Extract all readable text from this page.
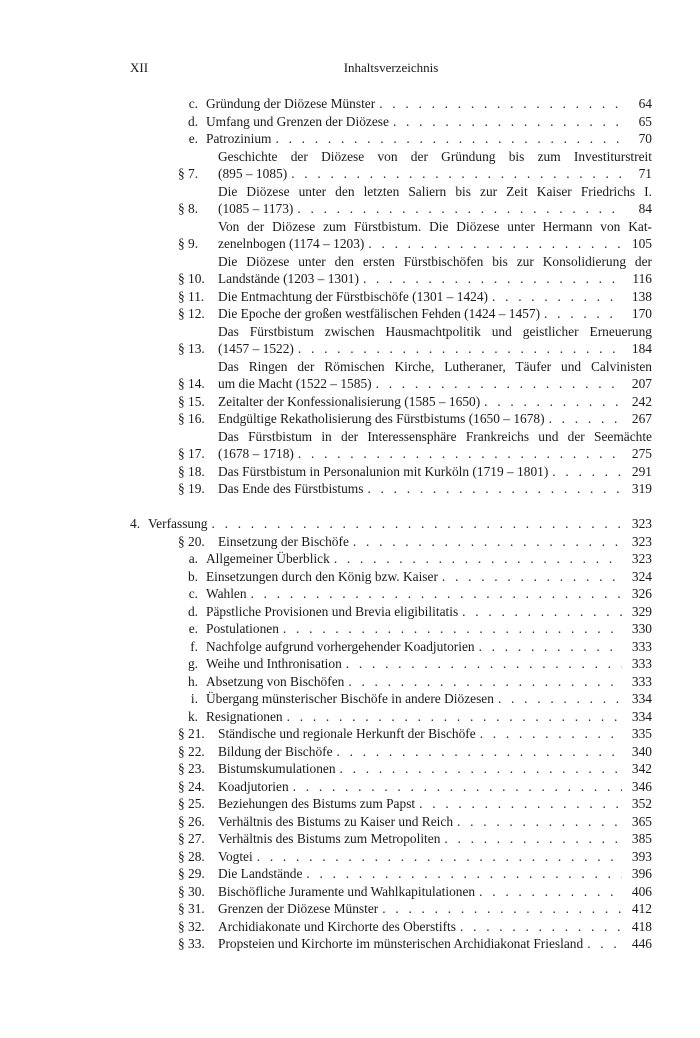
XII	Inhaltsverzeichnis
c. Gründung der Diözese Münster . . .	64
d. Umfang und Grenzen der Diözese . . .	65
e. Patrozinium . . .	70
§ 7.
Geschichte der Diözese von der Gründung bis zum Investiturstreit
(895 – 1085) . . .	71
§ 8.
Die Diözese unter den letzten Saliern bis zur Zeit Kaiser Friedrichs I.
(1085 – 1173) . . .	84
§ 9.
Von der Diözese zum Fürstbistum. Die Diözese unter Hermann von Kat-
zenelnbogen (1174 – 1203) . . .	105
§ 10.
Die Diözese unter den ersten Fürstbischöfen bis zur Konsolidierung der
Landstände (1203 – 1301) . . .	116
§ 11.	Die Entmachtung der Fürstbischöfe (1301 – 1424) . . .	138
§ 12. Die Epoche der großen westfälischen Fehden (1424 – 1457) . . .	170
§ 13.
Das Fürstbistum zwischen Hausmachtpolitik und geistlicher Erneuerung
(1457 – 1522) . . .	184
§ 14.
Das Ringen der Römischen Kirche, Lutheraner, Täufer und Calvinisten
um die Macht (1522 – 1585) . . .	207
§ 15. Zeitalter der Konfessionalisierung (1585 – 1650) . . .	242
§ 16. Endgültige Rekatholisierung des Fürstbistums (1650 – 1678) . . .	267
§ 17.
Das Fürstbistum in der Interessensphäre Frankreichs und der Seemächte
(1678 – 1718) . . .	275
§ 18. Das Fürstbistum in Personalunion mit Kurköln (1719 – 1801) . . .	291
§ 19. Das Ende des Fürstbistums . . .	319
4. Verfassung . . .	323
§ 20. Einsetzung der Bischöfe . . .	323
a. Allgemeiner Überblick . . .	323
b. Einsetzungen durch den König bzw. Kaiser . . .	324
c. Wahlen . . .	326
d. Päpstliche Provisionen und Brevia eligibilitatis . . .	329
e. Postulationen . . .	330
f. Nachfolge aufgrund vorhergehender Koadjutorien . . .	333
g. Weihe und Inthronisation . . .	333
h. Absetzung von Bischöfen . . .	333
i. Übergang münsterischer Bischöfe in andere Diözesen . . .	334
k. Resignationen . . .	334
§ 21. Ständische und regionale Herkunft der Bischöfe . . .	335
§ 22. Bildung der Bischöfe . . .	340
§ 23. Bistumskumulationen . . .	342
§ 24. Koadjutorien . . .	346
§ 25. Beziehungen des Bistums zum Papst . . .	352
§ 26. Verhältnis des Bistums zu Kaiser und Reich . . .	365
§ 27. Verhältnis des Bistums zum Metropoliten . . .	385
§ 28. Vogtei . . .	393
§ 29. Die Landstände . . .	396
§ 30. Bischöfliche Juramente und Wahlkapitulationen . . .	406
§ 31. Grenzen der Diözese Münster . . .	412
§ 32. Archidiakonate und Kirchorte des Oberstifts . . .	418
§ 33. Propsteien und Kirchorte im münsterischen Archidiakonat Friesland . . .	446
